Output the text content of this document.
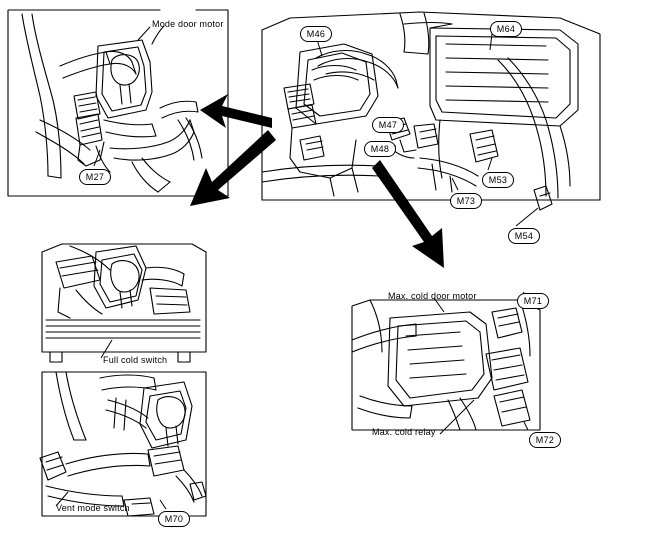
Mode door motor
Full cold switch
Vent mode switch
Max. cold door motor
Max. cold relay
M27
M46	M64
M47
M48
M53
M73
M54
M71
M72
M70
